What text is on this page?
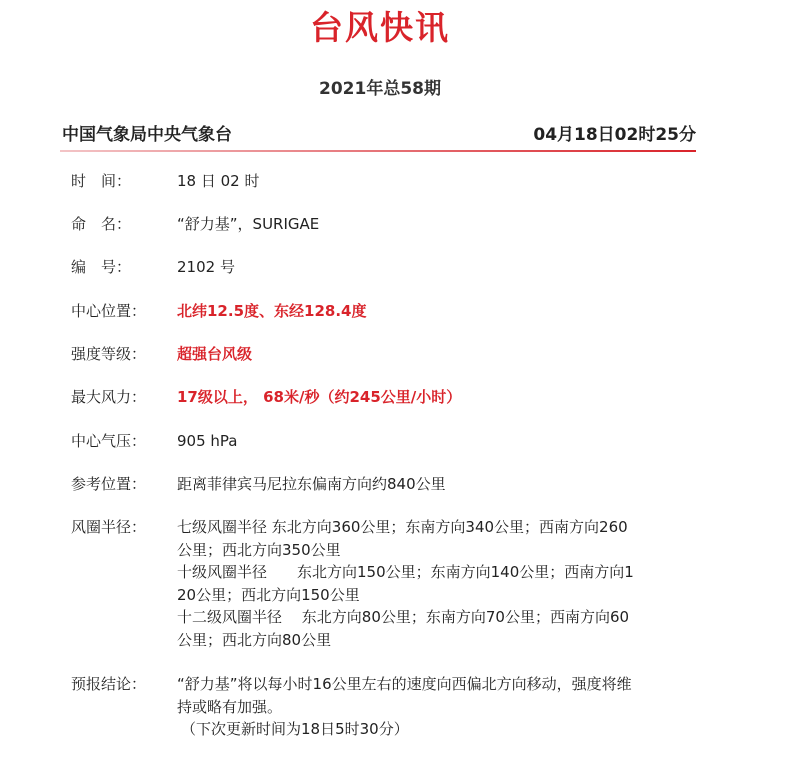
台风快讯
2021年总58期
中国气象局中央气象台	04月18日02时25分
时　间：	18 日 02 时
命　名：	“舒力基”，SURIGAE
编　号：	2102 号
中心位置：	北纬12.5度、东经128.4度
强度等级：	超强台风级
最大风力：	17级以上， 68米/秒（约245公里/小时）
中心气压：	905 hPa
参考位置：	距离菲律宾马尼拉东偏南方向约840公里
风圈半径：	七级风圈半径 东北方向360公里；东南方向340公里；西南方向260
公里；西北方向350公里
十级风圈半径　　东北方向150公里；东南方向140公里；西南方向1
20公里；西北方向150公里
十二级风圈半径　 东北方向80公里；东南方向70公里；西南方向60
公里；西北方向80公里
预报结论：	“舒力基”将以每小时16公里左右的速度向西偏北方向移动，强度将维
持或略有加强。
（下次更新时间为18日5时30分）
